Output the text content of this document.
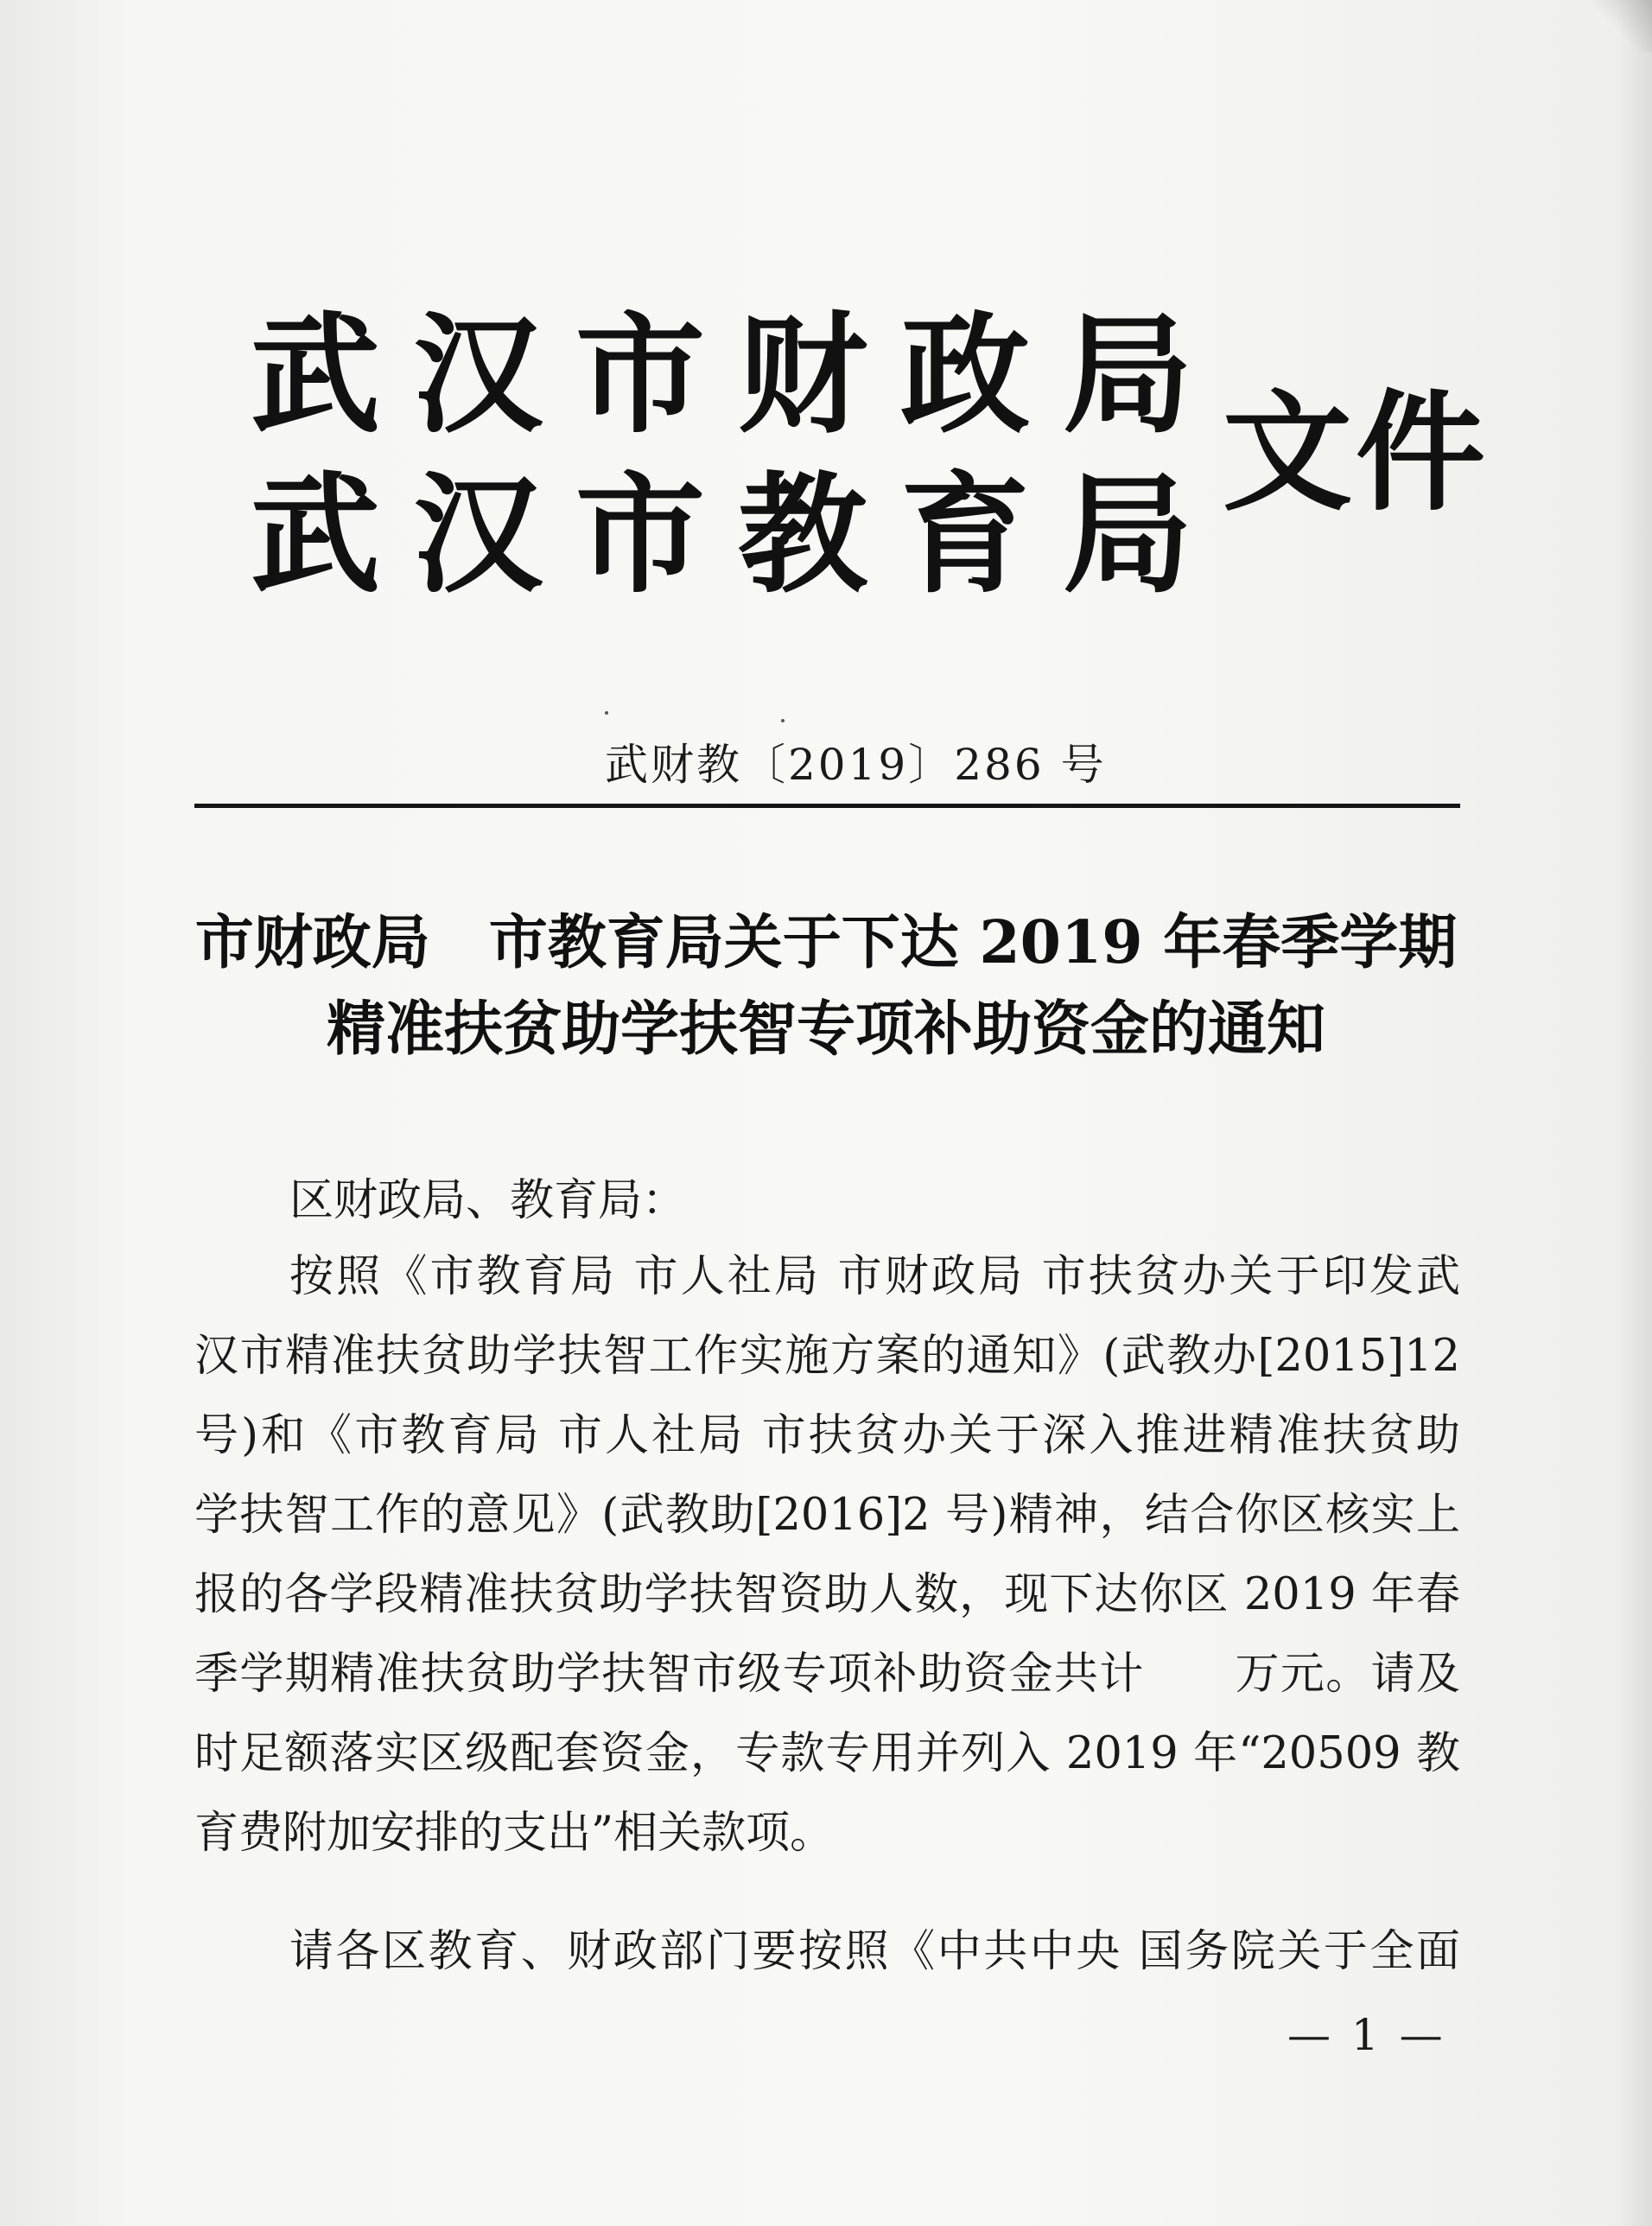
武汉市财政局
武汉市教育局
文件
武财教〔2019〕286 号
市财政局　市教育局关于下达 2019 年春季学期
精准扶贫助学扶智专项补助资金的通知
区财政局、教育局：
按照《市教育局 市人社局 市财政局 市扶贫办关于印发武
汉市精准扶贫助学扶智工作实施方案的通知》(武教办[2015]12
号)和《市教育局 市人社局 市扶贫办关于深入推进精准扶贫助
学扶智工作的意见》(武教助[2016]2 号)精神，结合你区核实上
报的各学段精准扶贫助学扶智资助人数，现下达你区 2019 年春
季学期精准扶贫助学扶智市级专项补助资金共计　　万元。请及
时足额落实区级配套资金，专款专用并列入 2019 年“20509 教
育费附加安排的支出”相关款项。
请各区教育、财政部门要按照《中共中央 国务院关于全面
— 1 —
